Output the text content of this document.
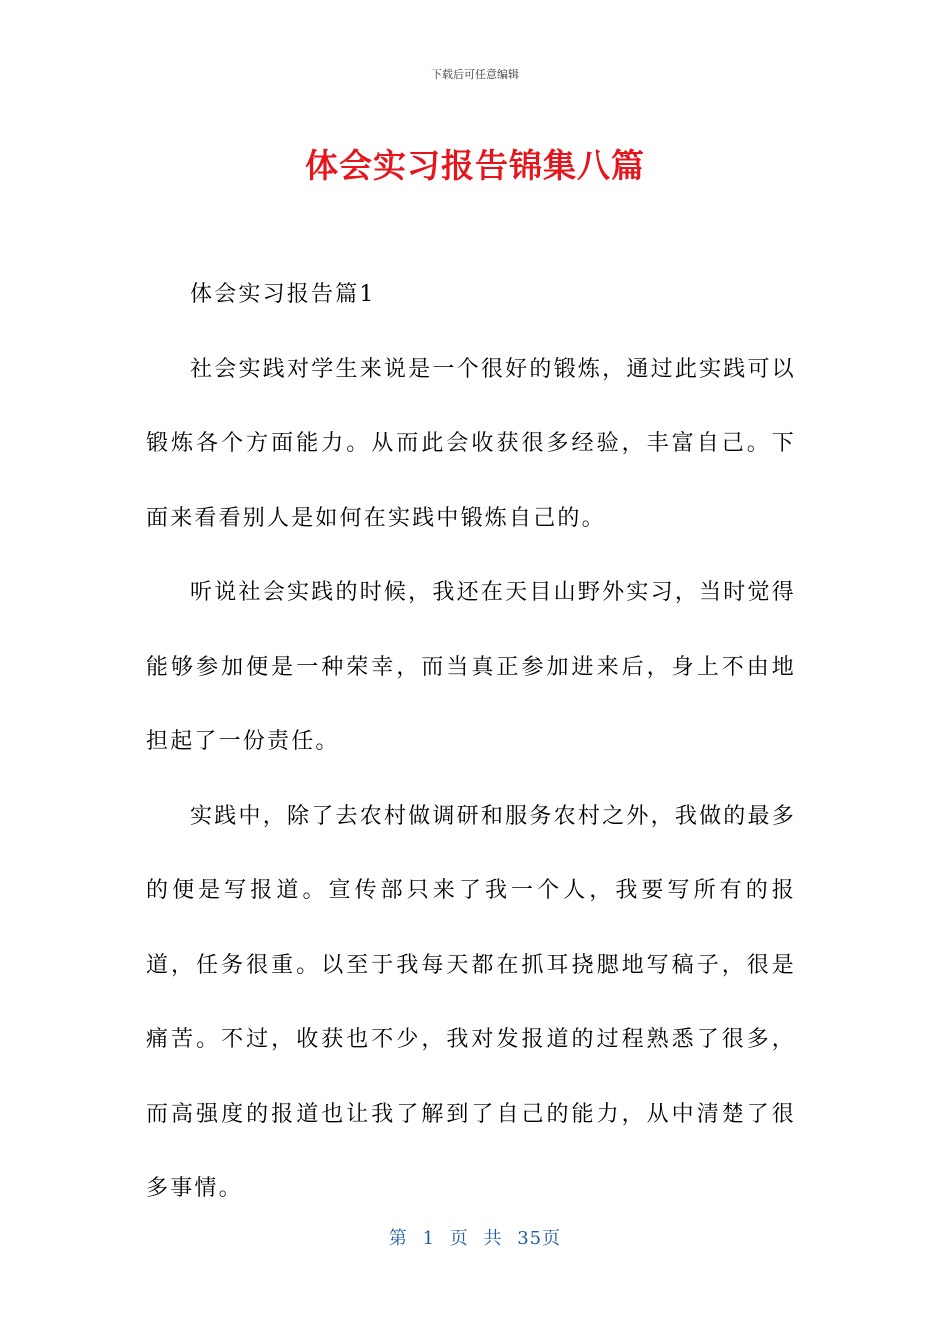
下载后可任意编辑
体会实习报告锦集八篇

体会实习报告篇1

社会实践对学生来说是一个很好的锻炼，通过此实践可以锻炼各个方面能力。从而此会收获很多经验，丰富自己。下面来看看别人是如何在实践中锻炼自己的。

听说社会实践的时候，我还在天目山野外实习，当时觉得能够参加便是一种荣幸，而当真正参加进来后，身上不由地担起了一份责任。

实践中，除了去农村做调研和服务农村之外，我做的最多的便是写报道。宣传部只来了我一个人，我要写所有的报道，任务很重。以至于我每天都在抓耳挠腮地写稿子，很是痛苦。不过，收获也不少，我对发报道的过程熟悉了很多，而高强度的报道也让我了解到了自己的能力，从中清楚了很多事情。

第 1 页 共 35页
